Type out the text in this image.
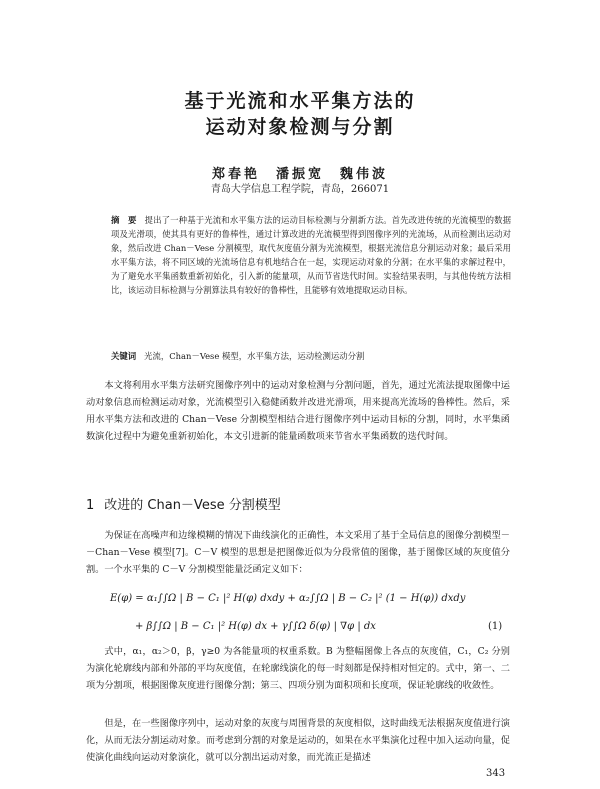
基于光流和水平集方法的
运动对象检测与分割
郑春艳　潘振宽　魏伟波
青岛大学信息工程学院，青岛，266071
摘　要 提出了一种基于光流和水平集方法的运动目标检测与分割新方法。首先改进传统的光流模型的数据项及光滑项，使其具有更好的鲁棒性，通过计算改进的光流模型得到图像序列的光流场，从而检测出运动对象，然后改进 Chan－Vese 分割模型，取代灰度值分割为光流模型，根据光流信息分割运动对象；最后采用水平集方法，将不同区域的光流场信息有机地结合在一起，实现运动对象的分割；在水平集的求解过程中，为了避免水平集函数重新初始化，引入新的能量项，从而节省迭代时间。实验结果表明，与其他传统方法相比，该运动目标检测与分割算法具有较好的鲁棒性，且能够有效地提取运动目标。
关键词 光流，Chan－Vese 模型，水平集方法，运动检测运动分割
本文将利用水平集方法研究图像序列中的运动对象检测与分割问题，首先，通过光流法提取图像中运动对象信息而检测运动对象，光流模型引入稳健函数并改进光滑项，用来提高光流场的鲁棒性。然后，采用水平集方法和改进的 Chan－Vese 分割模型相结合进行图像序列中运动目标的分割，同时，水平集函数演化过程中为避免重新初始化，本文引进新的能量函数项来节省水平集函数的迭代时间。
1 改进的 Chan－Vese 分割模型
为保证在高噪声和边缘模糊的情况下曲线演化的正确性，本文采用了基于全局信息的图像分割模型－－Chan－Vese 模型[7]。C－V 模型的思想是把图像近似为分段常值的图像，基于图像区域的灰度值分割。一个水平集的 C－V 分割模型能量泛函定义如下：
E(φ) = α₁∫∫Ω | B − C₁ |² H(φ) dxdy + α₂∫∫Ω | B − C₂ |² (1 − H(φ)) dxdy
+ β∫∫Ω | B − C₁ |² H(φ) dx + γ∫∫Ω δ(φ) | ∇φ | dx	(1)
式中，α₁，α₂＞0，β，γ≥0 为各能量项的权重系数。B 为整幅图像上各点的灰度值，C₁，C₂ 分别为演化轮廓线内部和外部的平均灰度值，在轮廓线演化的每一时刻都是保持相对恒定的。式中，第一、二项为分割项，根据图像灰度进行图像分割；第三、四项分别为面积项和长度项，保证轮廓线的收敛性。
但是，在一些图像序列中，运动对象的灰度与周围背景的灰度相似，这时曲线无法根据灰度值进行演化，从而无法分割运动对象。而考虑到分割的对象是运动的，如果在水平集演化过程中加入运动向量，促使演化曲线向运动对象演化，就可以分割出运动对象，而光流正是描述
343
